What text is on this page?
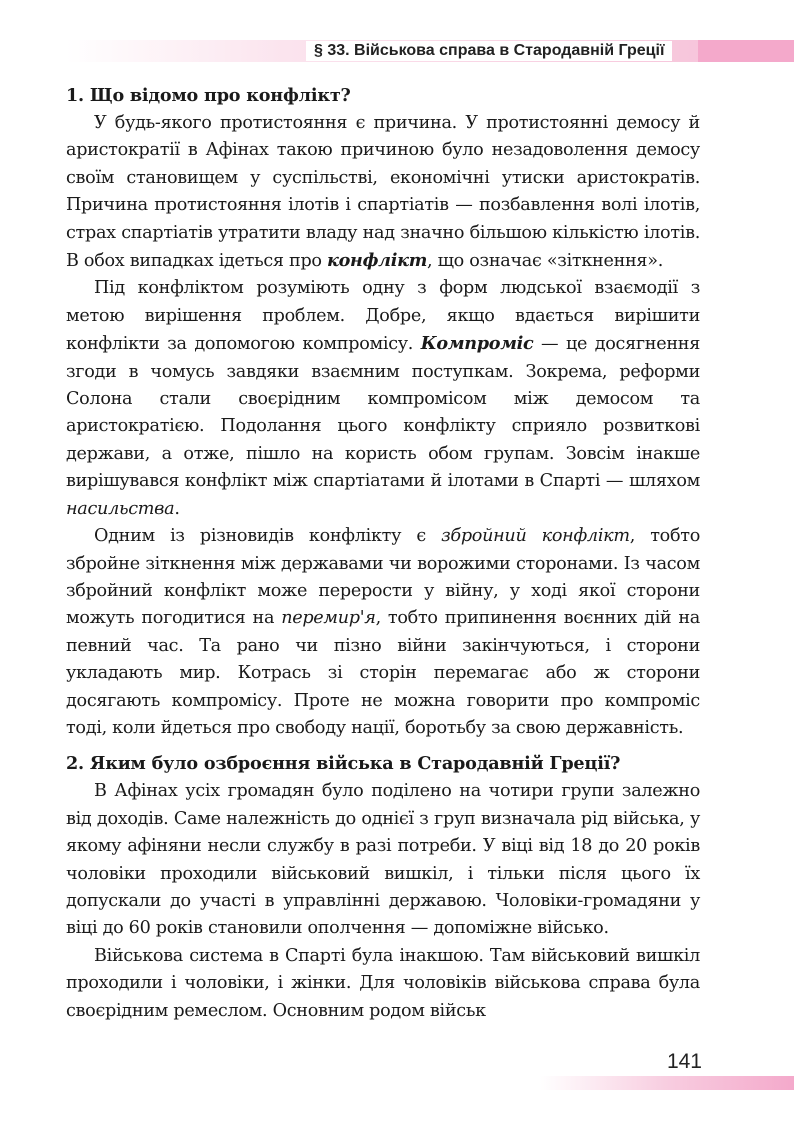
§ 33. Військова справа в Стародавній Греції
1. Що відомо про конфлікт?

У будь-якого протистояння є причина. У протистоянні демосу й аристократії в Афінах такою причиною було незадоволення демосу своїм становищем у суспільстві, економічні утиски аристократів. Причина протистояння ілотів і спартіатів — позбавлення волі ілотів, страх спартіатів утратити владу над значно більшою кількістю ілотів. В обох випадках ідеться про конфлікт, що означає «зіткнення».

Під конфліктом розуміють одну з форм людської взаємодії з метою вирішення проблем. Добре, якщо вдається вирішити конфлікти за допомогою компромісу. Компроміс — це досягнення згоди в чомусь завдяки взаємним поступкам. Зокрема, реформи Солона стали своєрідним компромісом між демосом та аристократією. Подолання цього конфлікту сприяло розвиткові держави, а отже, пішло на користь обом групам. Зовсім інакше вирішувався конфлікт між спартіатами й ілотами в Спарті — шляхом насильства.

Одним із різновидів конфлікту є збройний конфлікт, тобто збройне зіткнення між державами чи ворожими сторонами. Із часом збройний конфлікт може перерости у війну, у ході якої сторони можуть погодитися на перемир'я, тобто припинення воєнних дій на певний час. Та рано чи пізно війни закінчуються, і сторони укладають мир. Котрась зі сторін перемагає або ж сторони досягають компромісу. Проте не можна говорити про компроміс тоді, коли йдеться про свободу нації, боротьбу за свою державність.

2. Яким було озброєння війська в Стародавній Греції?

В Афінах усіх громадян було поділено на чотири групи залежно від доходів. Саме належність до однієї з груп визначала рід війська, у якому афіняни несли службу в разі потреби. У віці від 18 до 20 років чоловіки проходили військовий вишкіл, і тільки після цього їх допускали до участі в управлінні державою. Чоловіки-громадяни у віці до 60 років становили ополчення — допоміжне військо.

Військова система в Спарті була інакшою. Там військовий вишкіл проходили і чоловіки, і жінки. Для чоловіків військова справа була своєрідним ремеслом. Основним родом військ

141
